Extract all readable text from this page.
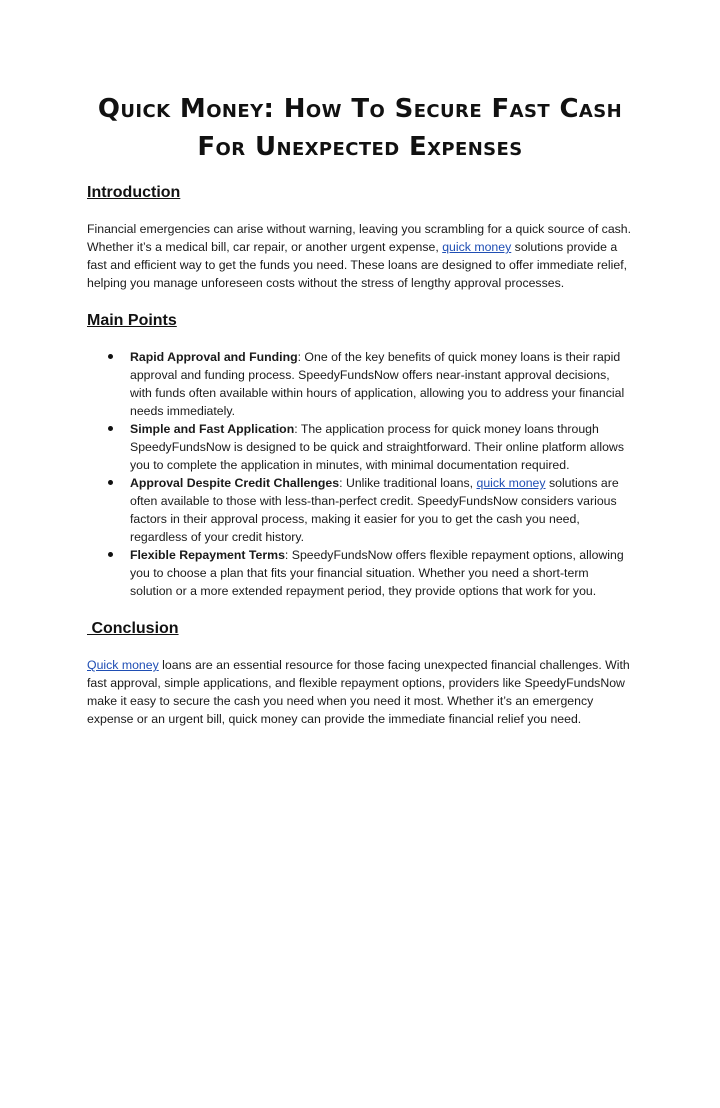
Quick Money: How To Secure Fast Cash
For Unexpected Expenses
Introduction

Financial emergencies can arise without warning, leaving you scrambling for a quick source of cash. Whether it’s a medical bill, car repair, or another urgent expense, quick money solutions provide a fast and efficient way to get the funds you need. These loans are designed to offer immediate relief, helping you manage unforeseen costs without the stress of lengthy approval processes.

Main Points
Rapid Approval and Funding: One of the key benefits of quick money loans is their rapid approval and funding process. SpeedyFundsNow offers near-instant approval decisions, with funds often available within hours of application, allowing you to address your financial needs immediately.
Simple and Fast Application: The application process for quick money loans through SpeedyFundsNow is designed to be quick and straightforward. Their online platform allows you to complete the application in minutes, with minimal documentation required.
Approval Despite Credit Challenges: Unlike traditional loans, quick money solutions are often available to those with less-than-perfect credit. SpeedyFundsNow considers various factors in their approval process, making it easier for you to get the cash you need, regardless of your credit history.
Flexible Repayment Terms: SpeedyFundsNow offers flexible repayment options, allowing you to choose a plan that fits your financial situation. Whether you need a short-term solution or a more extended repayment period, they provide options that work for you.
Conclusion

Quick money loans are an essential resource for those facing unexpected financial challenges. With fast approval, simple applications, and flexible repayment options, providers like SpeedyFundsNow make it easy to secure the cash you need when you need it most. Whether it’s an emergency expense or an urgent bill, quick money can provide the immediate financial relief you need.
